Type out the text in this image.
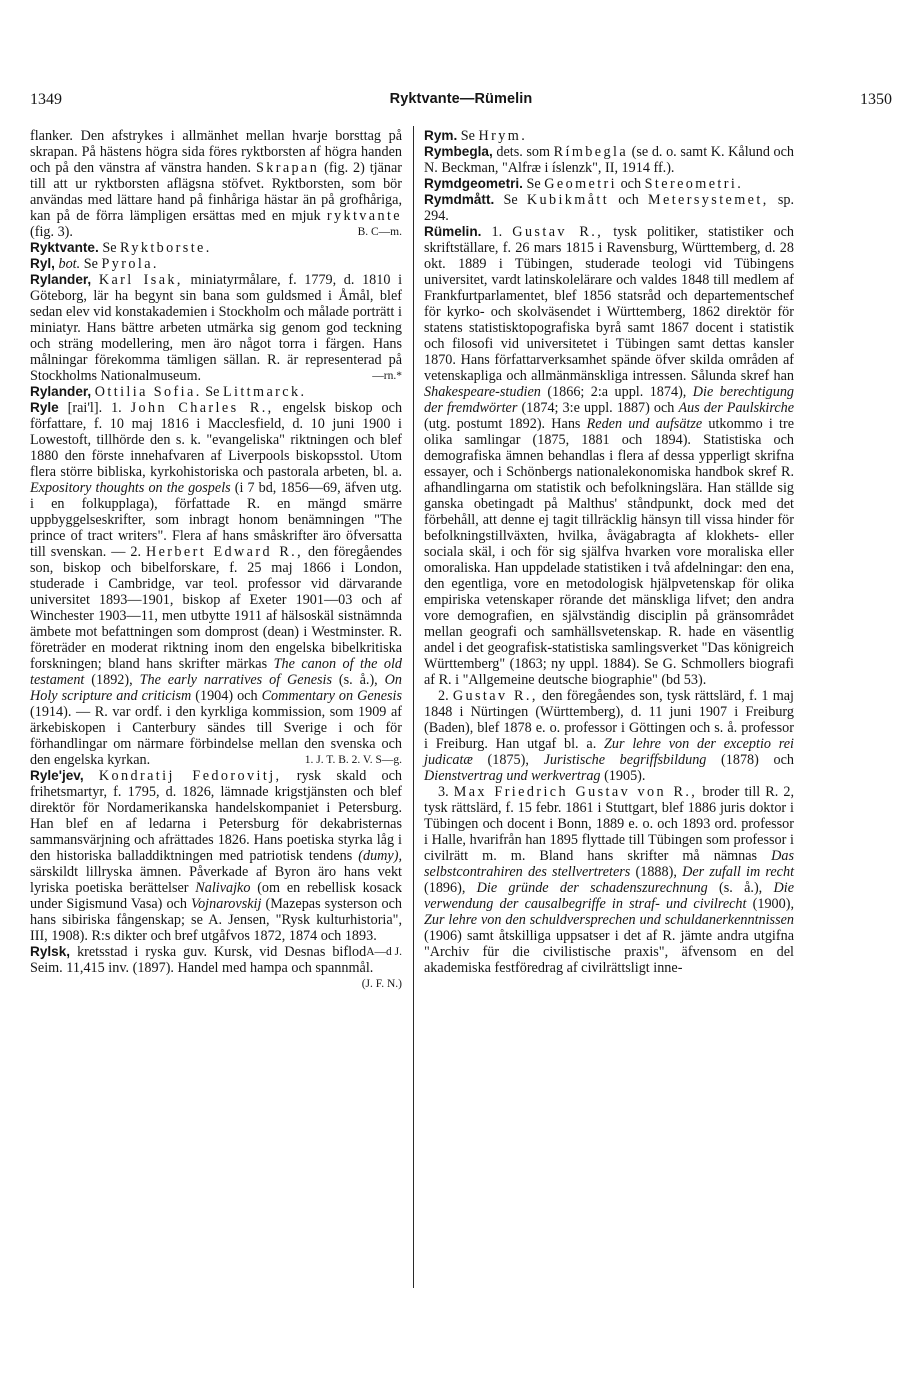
1349	Ryktvante—Rümelin	1350

flanker. Den afstrykes i allmänhet mellan hvarje borsttag på skrapan. På hästens högra sida föres ryktborsten af högra handen och på den vänstra af vänstra handen. Skrapan (fig. 2) tjänar till att ur ryktborsten aflägsna stöfvet. Ryktborsten, som bör användas med lättare hand på finhåriga hästar än på grofhåriga, kan på de förra lämpligen ersättas med en mjuk ryktvante (fig. 3).	B. C—m.

Ryktvante. Se Ryktborste.

Ryl, bot. Se Pyrola.

Rylander, Karl Isak, miniatyrmålare, f. 1779, d. 1810 i Göteborg, lär ha begynt sin bana som guldsmed i Åmål, blef sedan elev vid konstakademien i Stockholm och målade porträtt i miniatyr. Hans bättre arbeten utmärka sig genom god teckning och sträng modellering, men äro något torra i färgen. Hans målningar förekomma tämligen sällan. R. är representerad på Stockholms Nationalmuseum.	—rn.*

Rylander, Ottilia Sofia. Se Littmarck.

Ryle [rai'l]. 1. John Charles R., engelsk biskop och författare, f. 10 maj 1816 i Macclesfield, d. 10 juni 1900 i Lowestoft, tillhörde den s. k. "evangeliska" riktningen och blef 1880 den förste innehafvaren af Liverpools biskopsstol. Utom flera större bibliska, kyrkohistoriska och pastorala arbeten, bl. a. Expository thoughts on the gospels (i 7 bd, 1856—69, äfven utg. i en folkupplaga), författade R. en mängd smärre uppbyggelseskrifter, som inbragt honom benämningen "The prince of tract writers". Flera af hans småskrifter äro öfversatta till svenskan. — 2. Herbert Edward R., den föregåendes son, biskop och bibelforskare, f. 25 maj 1866 i London, studerade i Cambridge, var teol. professor vid därvarande universitet 1893—1901, biskop af Exeter 1901—03 och af Winchester 1903—11, men utbytte 1911 af hälsoskäl sistnämnda ämbete mot befattningen som domprost (dean) i Westminster. R. företräder en moderat riktning inom den engelska bibelkritiska forskningen; bland hans skrifter märkas The canon of the old testament (1892), The early narratives of Genesis (s. å.), On Holy scripture and criticism (1904) och Commentary on Genesis (1914). — R. var ordf. i den kyrkliga kommission, som 1909 af ärkebiskopen i Canterbury sändes till Sverige i och för förhandlingar om närmare förbindelse mellan den svenska och den engelska kyrkan.	1. J. T. B. 2. V. S—g.

Ryle'jev, Kondratij Fedorovitj, rysk skald och frihetsmartyr, f. 1795, d. 1826, lämnade krigstjänsten och blef direktör för Nordamerikanska handelskompaniet i Petersburg. Han blef en af ledarna i Petersburg för dekabristernas sammansvärjning och afrättades 1826. Hans poetiska styrka låg i den historiska balladdiktningen med patriotisk tendens (dumy), särskildt lillryska ämnen. Påverkade af Byron äro hans vekt lyriska poetiska berättelser Nalivajko (om en rebellisk kosack under Sigismund Vasa) och Vojnarovskij (Mazepas systerson och hans sibiriska fångenskap; se A. Jensen, "Rysk kulturhistoria", III, 1908). R:s dikter och bref utgåfvos 1872, 1874 och 1893.
A—d J.

Rylsk, kretsstad i ryska guv. Kursk, vid Desnas biflod Seim. 11,415 inv. (1897). Handel med hampa och spannmål.
(J. F. N.)

Rym. Se Hrym.

Rymbegla, dets. som Rímbegla (se d. o. samt K. Kålund och N. Beckman, "Alfræ i íslenzk", II, 1914 ff.).

Rymdgeometri. Se Geometri och Stereometri.

Rymdmått. Se Kubikmått och Metersystemet, sp. 294.

Rümelin. 1. Gustav R., tysk politiker, statistiker och skriftställare, f. 26 mars 1815 i Ravensburg, Württemberg, d. 28 okt. 1889 i Tübingen, studerade teologi vid Tübingens universitet, vardt latinskolelärare och valdes 1848 till medlem af Frankfurtparlamentet, blef 1856 statsråd och departementschef för kyrko- och skolväsendet i Württemberg, 1862 direktör för statens statistisktopografiska byrå samt 1867 docent i statistik och filosofi vid universitetet i Tübingen samt dettas kansler 1870. Hans författarverksamhet spände öfver skilda områden af vetenskapliga och allmänmänskliga intressen. Sålunda skref han Shakespeare-studien (1866; 2:a uppl. 1874), Die berechtigung der fremdwörter (1874; 3:e uppl. 1887) och Aus der Paulskirche (utg. postumt 1892). Hans Reden und aufsätze utkommo i tre olika samlingar (1875, 1881 och 1894). Statistiska och demografiska ämnen behandlas i flera af dessa ypperligt skrifna essayer, och i Schönbergs nationalekonomiska handbok skref R. afhandlingarna om statistik och befolkningslära. Han ställde sig ganska obetingadt på Malthus' ståndpunkt, dock med det förbehåll, att denne ej tagit tillräcklig hänsyn till vissa hinder för befolkningstillväxten, hvilka, åvägabragta af klokhets- eller sociala skäl, i och för sig själfva hvarken vore moraliska eller omoraliska. Han uppdelade statistiken i två afdelningar: den ena, den egentliga, vore en metodologisk hjälpvetenskap för olika empiriska vetenskaper rörande det mänskliga lifvet; den andra vore demografien, en självständig disciplin på gränsområdet mellan geografi och samhällsvetenskap. R. hade en väsentlig andel i det geografisk-statistiska samlingsverket "Das königreich Württemberg" (1863; ny uppl. 1884). Se G. Schmollers biografi af R. i "Allgemeine deutsche biographie" (bd 53).

2. Gustav R., den föregåendes son, tysk rättslärd, f. 1 maj 1848 i Nürtingen (Württemberg), d. 11 juni 1907 i Freiburg (Baden), blef 1878 e. o. professor i Göttingen och s. å. professor i Freiburg. Han utgaf bl. a. Zur lehre von der exceptio rei judicatæ (1875), Juristische begriffsbildung (1878) och Dienstvertrag und werkvertrag (1905).

3. Max Friedrich Gustav von R., broder till R. 2, tysk rättslärd, f. 15 febr. 1861 i Stuttgart, blef 1886 juris doktor i Tübingen och docent i Bonn, 1889 e. o. och 1893 ord. professor i Halle, hvarifrån han 1895 flyttade till Tübingen som professor i civilrätt m. m. Bland hans skrifter må nämnas Das selbstcontrahiren des stellvertreters (1888), Der zufall im recht (1896), Die gründe der schadenszurechnung (s. å.), Die verwendung der causalbegriffe in straf- und civilrecht (1900), Zur lehre von den schuldversprechen und schuldanerkenntnissen (1906) samt åtskilliga uppsatser i det af R. jämte andra utgifna "Archiv für die civilistische praxis", äfvensom en del akademiska festföredrag af civilrättsligt inne-
